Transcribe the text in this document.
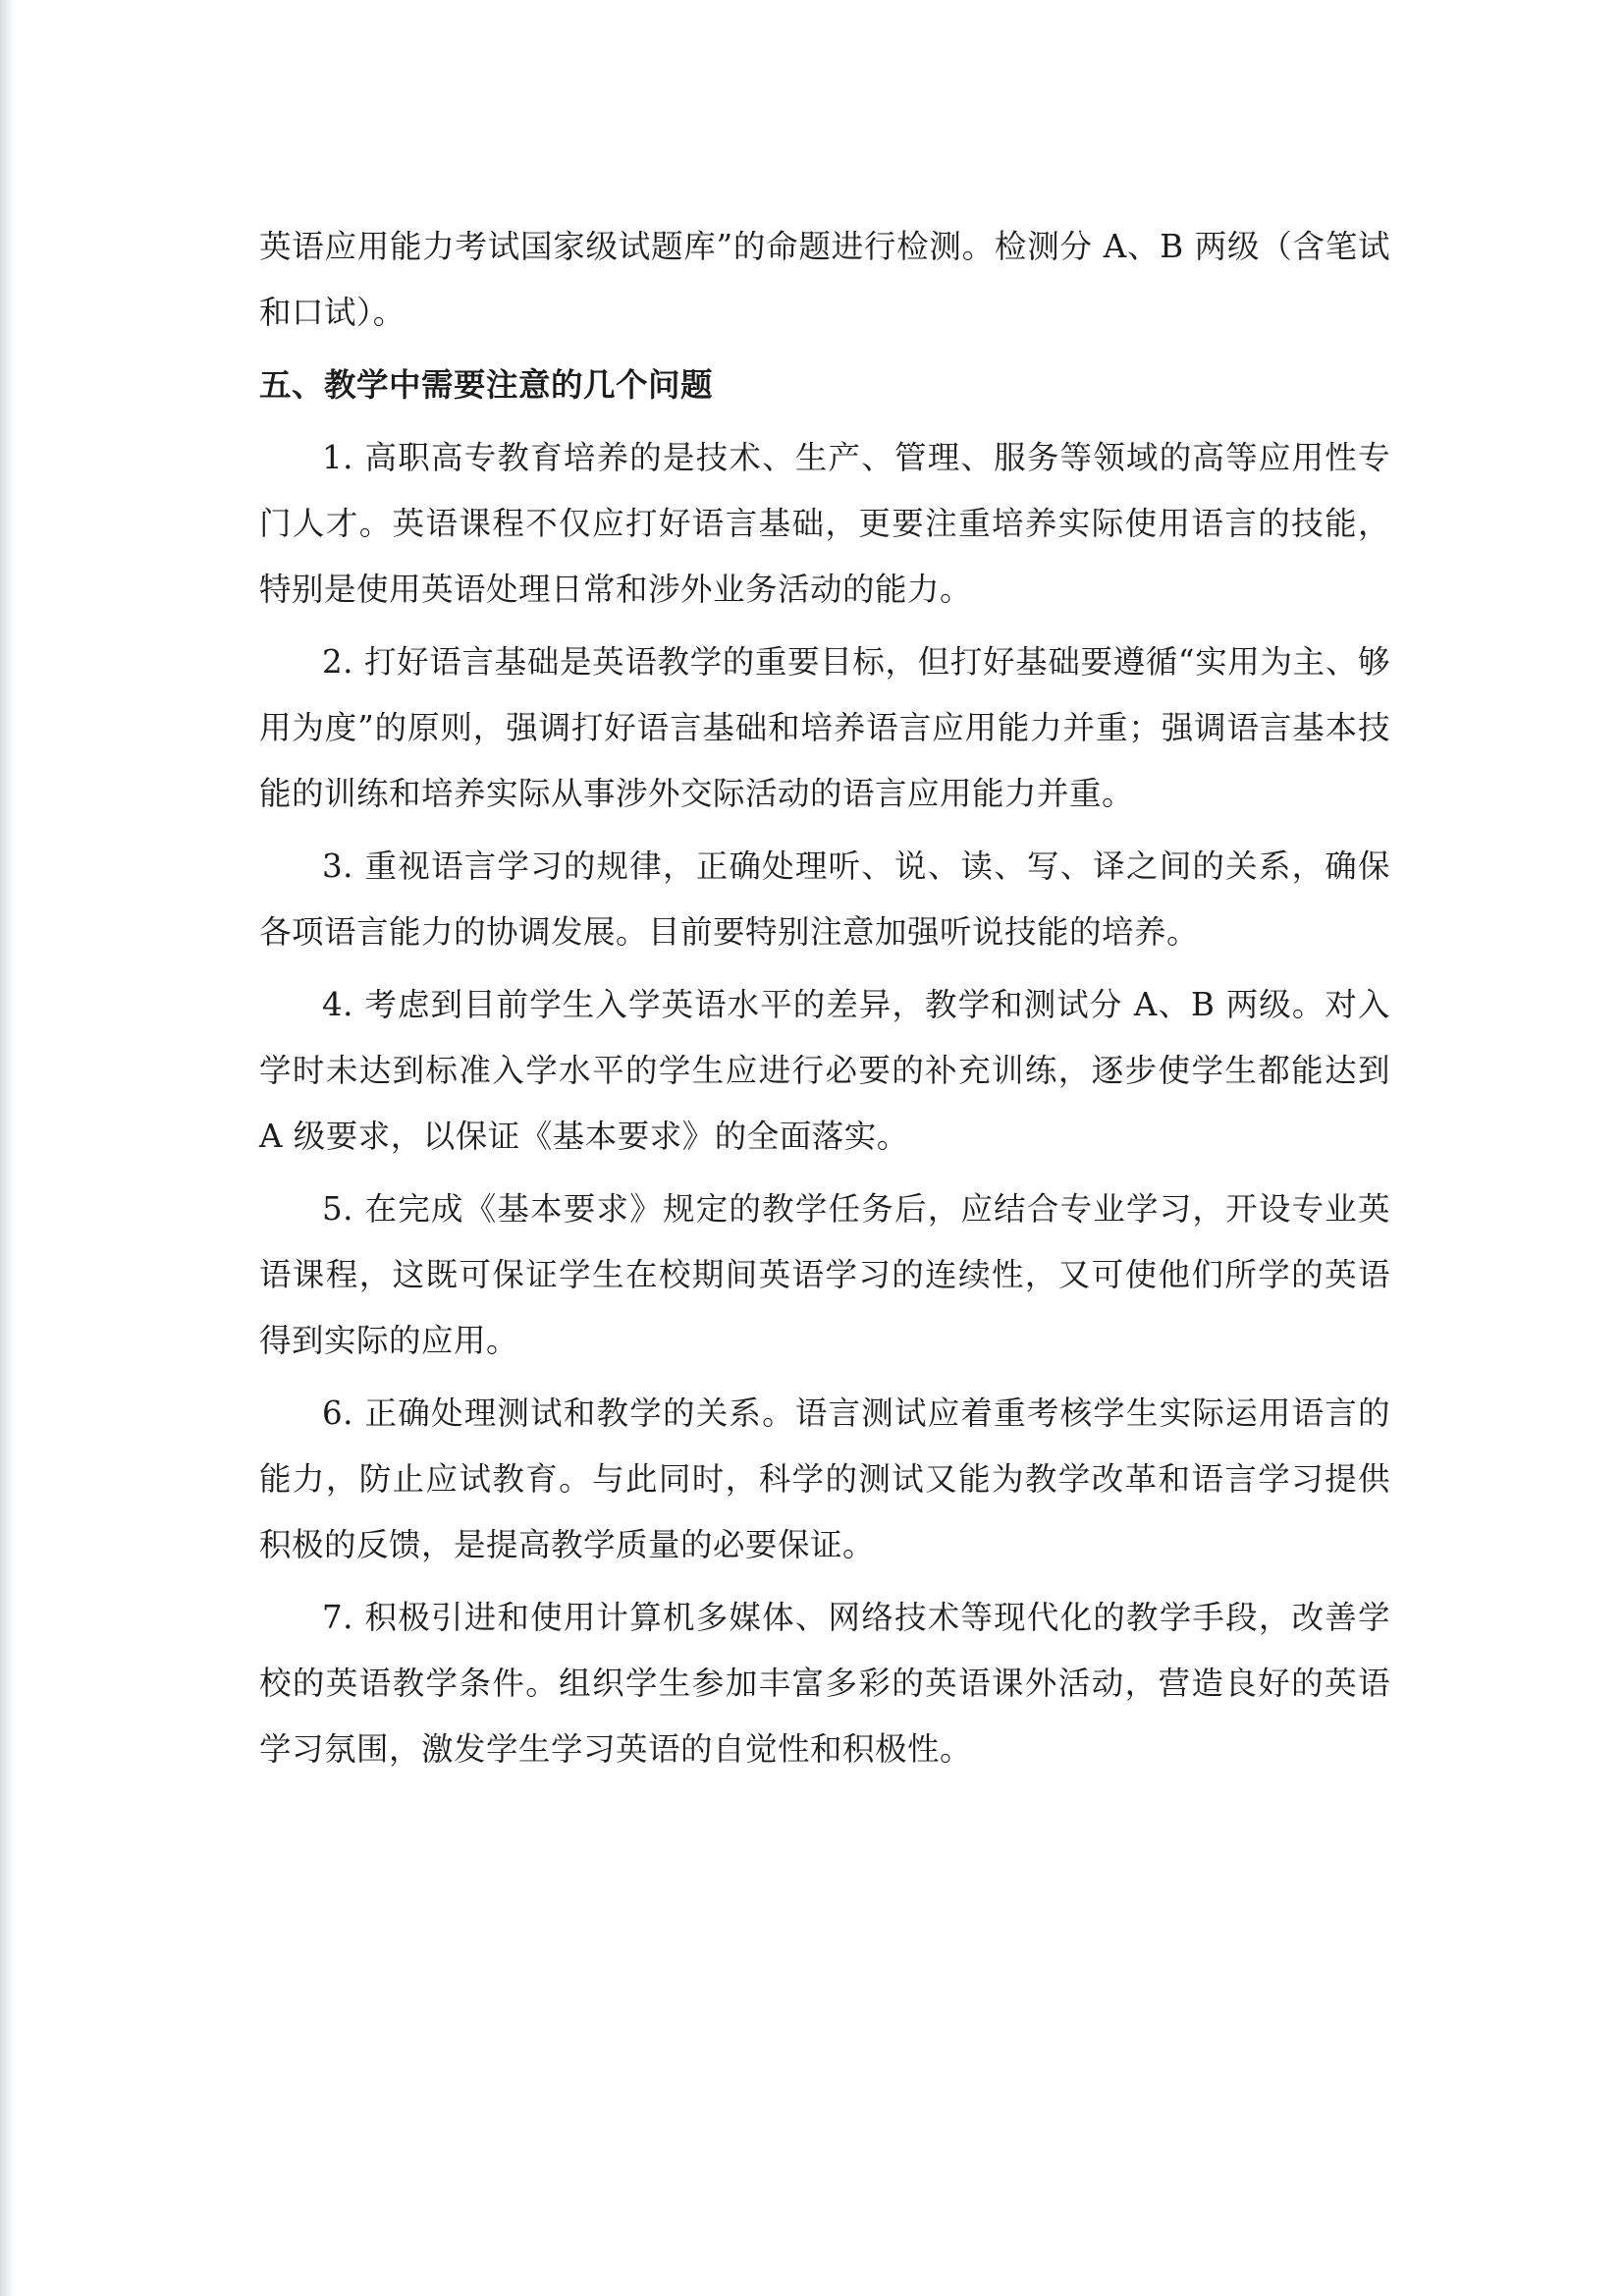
英语应用能力考试国家级试题库”的命题进行检测。检测分 A、B 两级（含笔试和口试）。

五、教学中需要注意的几个问题

1. 高职高专教育培养的是技术、生产、管理、服务等领域的高等应用性专门人才。英语课程不仅应打好语言基础，更要注重培养实际使用语言的技能，特别是使用英语处理日常和涉外业务活动的能力。

2. 打好语言基础是英语教学的重要目标，但打好基础要遵循“实用为主、够用为度”的原则，强调打好语言基础和培养语言应用能力并重；强调语言基本技能的训练和培养实际从事涉外交际活动的语言应用能力并重。

3. 重视语言学习的规律，正确处理听、说、读、写、译之间的关系，确保各项语言能力的协调发展。目前要特别注意加强听说技能的培养。

4. 考虑到目前学生入学英语水平的差异，教学和测试分 A、B 两级。对入学时未达到标准入学水平的学生应进行必要的补充训练，逐步使学生都能达到 A 级要求，以保证《基本要求》的全面落实。

5. 在完成《基本要求》规定的教学任务后，应结合专业学习，开设专业英语课程，这既可保证学生在校期间英语学习的连续性，又可使他们所学的英语得到实际的应用。

6. 正确处理测试和教学的关系。语言测试应着重考核学生实际运用语言的能力，防止应试教育。与此同时，科学的测试又能为教学改革和语言学习提供积极的反馈，是提高教学质量的必要保证。

7. 积极引进和使用计算机多媒体、网络技术等现代化的教学手段，改善学校的英语教学条件。组织学生参加丰富多彩的英语课外活动，营造良好的英语学习氛围，激发学生学习英语的自觉性和积极性。
